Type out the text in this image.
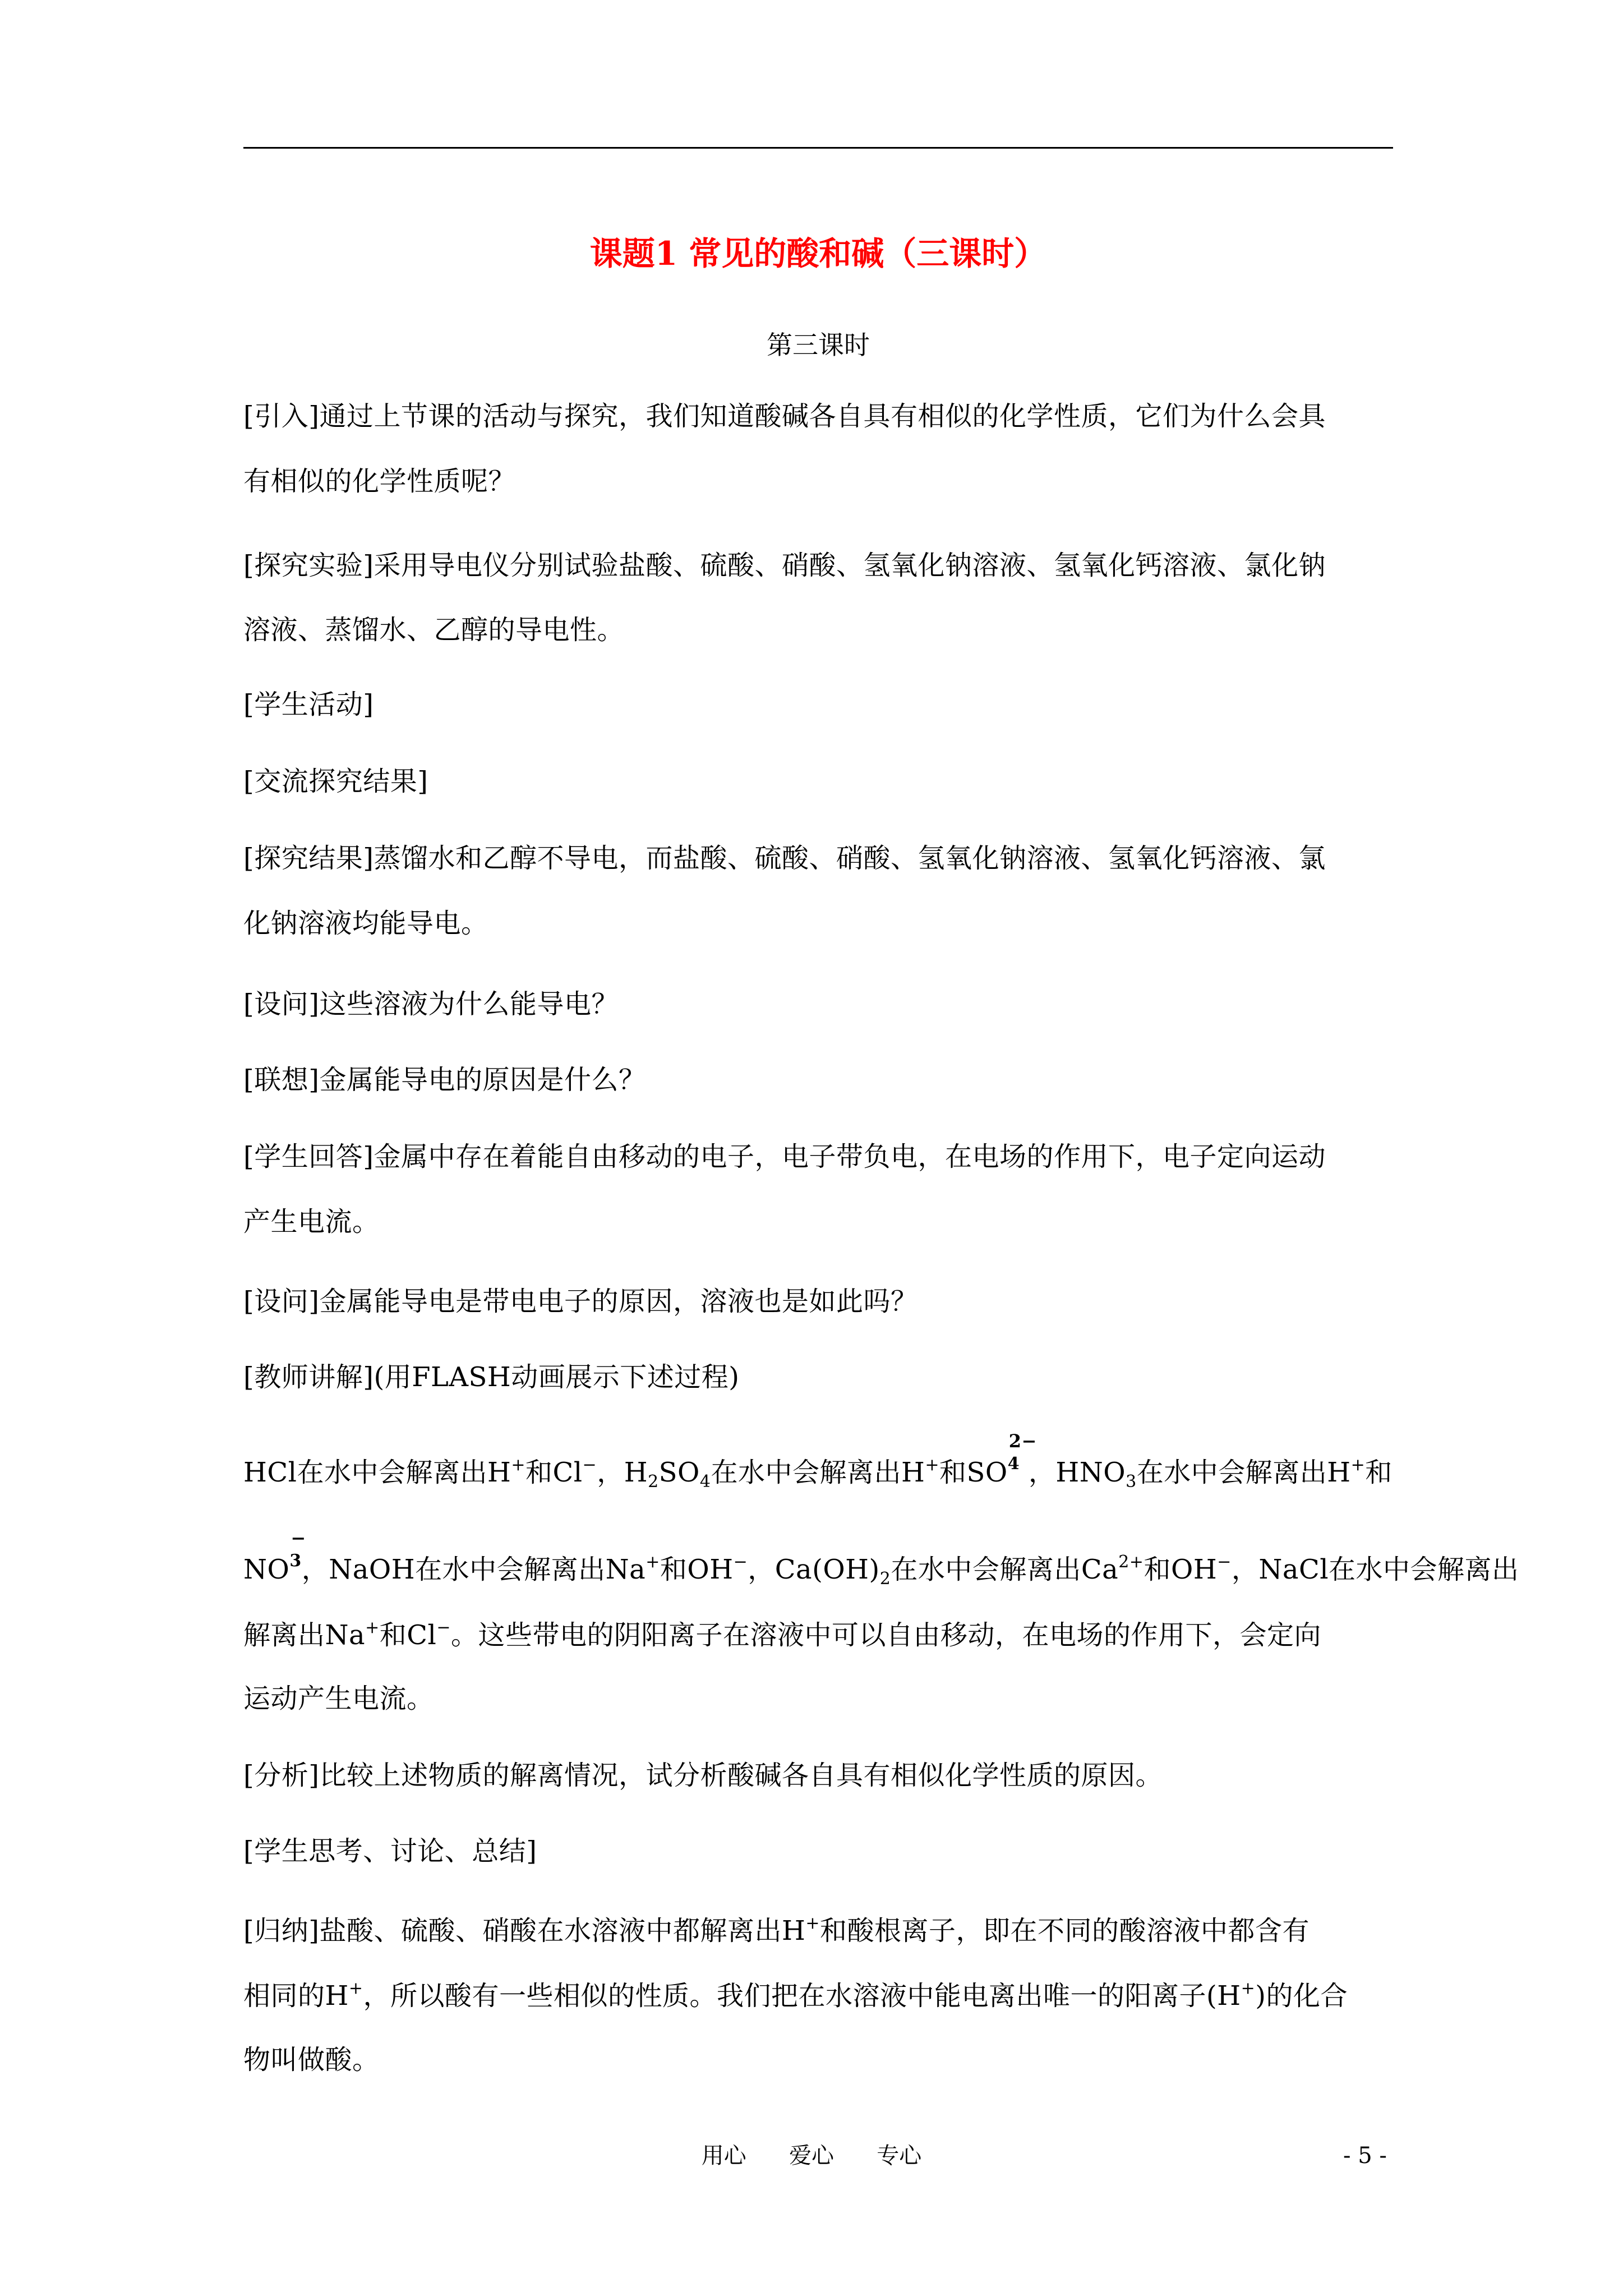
课题1 常见的酸和碱（三课时）
第三课时
[引入]通过上节课的活动与探究，我们知道酸碱各自具有相似的化学性质，它们为什么会具
有相似的化学性质呢？
[探究实验]采用导电仪分别试验盐酸、硫酸、硝酸、氢氧化钠溶液、氢氧化钙溶液、氯化钠
溶液、蒸馏水、乙醇的导电性。
[学生活动]
[交流探究结果]
[探究结果]蒸馏水和乙醇不导电，而盐酸、硫酸、硝酸、氢氧化钠溶液、氢氧化钙溶液、氯
化钠溶液均能导电。
[设问]这些溶液为什么能导电？
[联想]金属能导电的原因是什么？
[学生回答]金属中存在着能自由移动的电子，电子带负电，在电场的作用下，电子定向运动
产生电流。
[设问]金属能导电是带电电子的原因，溶液也是如此吗？
[教师讲解](用FLASH动画展示下述过程)
HCl在水中会解离出H+和Cl−，$H_2SO_4$在水中会解离出H+和SO
2−
$^4$ ，$HNO_3$在水中会解离出H+和
NO
−
$^3$，NaOH在水中会解离出Na+和OH−，$Ca(OH)_2$在水中会解离出$Ca^{2+}$和OH−，NaCl在水中会解离出
解离出Na+和Cl−。这些带电的阴阳离子在溶液中可以自由移动，在电场的作用下，会定向
运动产生电流。
[分析]比较上述物质的解离情况，试分析酸碱各自具有相似化学性质的原因。
[学生思考、讨论、总结]
[归纳]盐酸、硫酸、硝酸在水溶液中都解离出H+和酸根离子，即在不同的酸溶液中都含有
相同的H+，所以酸有一些相似的性质。我们把在水溶液中能电离出唯一的阳离子(H+)的化合
物叫做酸。
用心      爱心      专心	- 5 -
